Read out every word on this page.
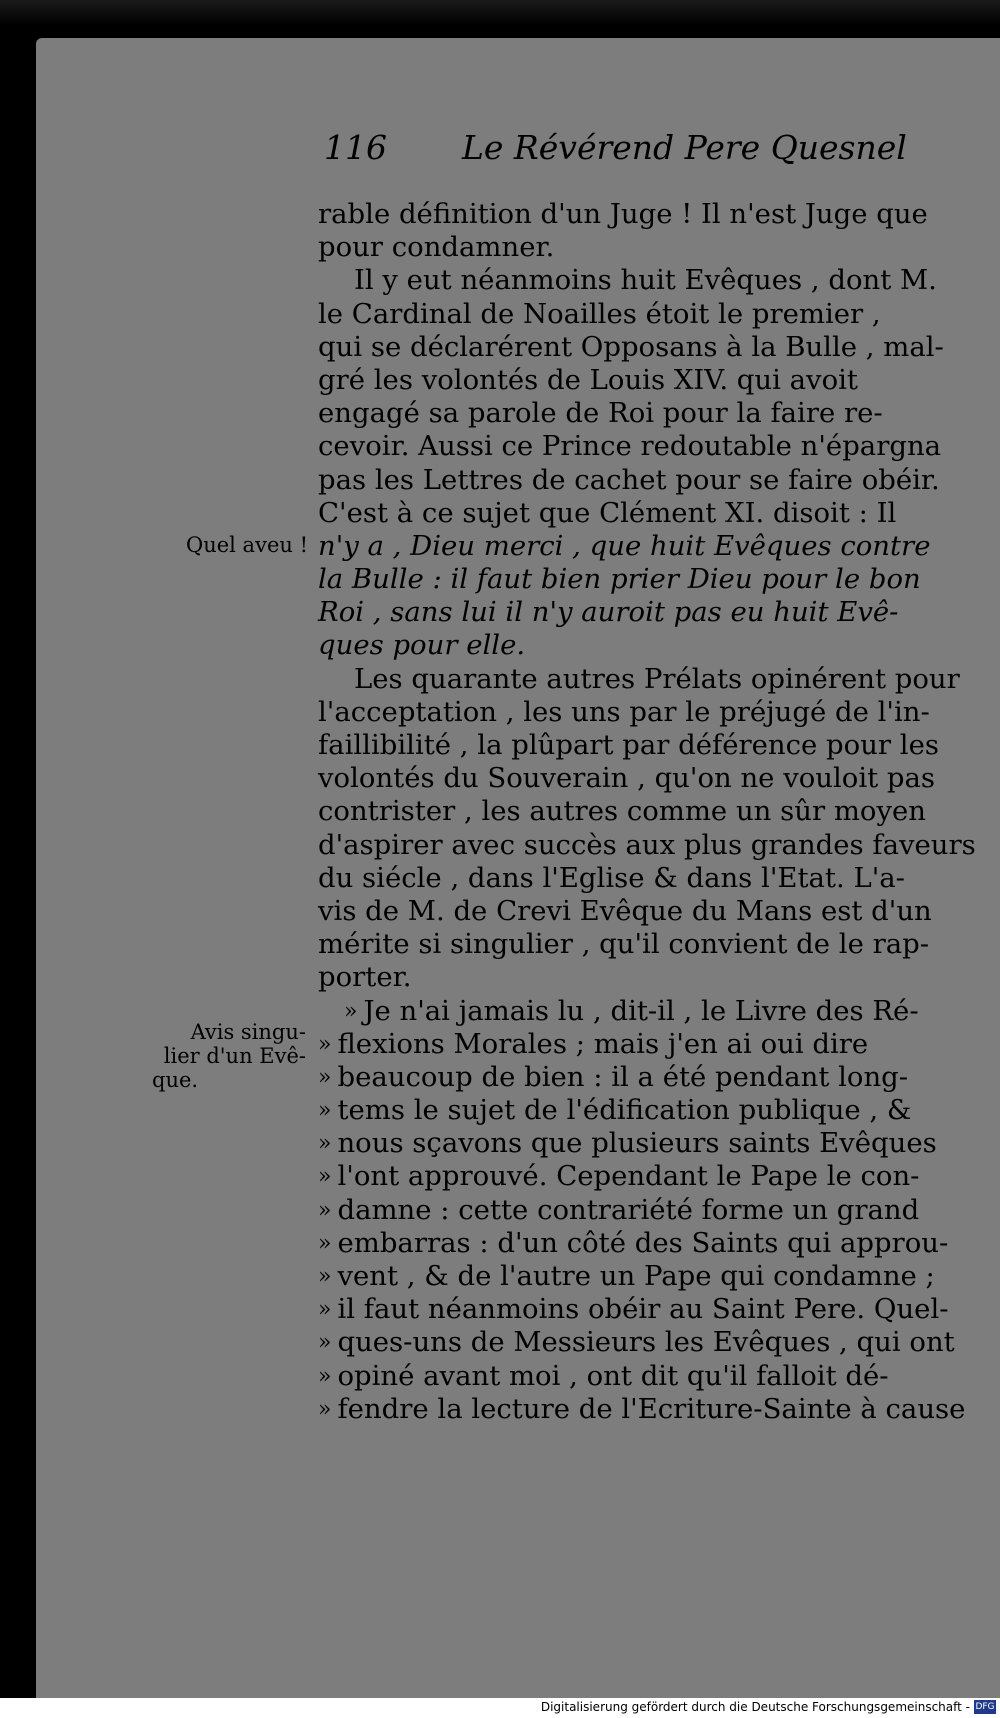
116 Le Révérend Pere Quesnel
Quel aveu !
Avis singu-
lier d'un Evê-
que.
rable définition d'un Juge ! Il n'est Juge que
pour condamner.
Il y eut néanmoins huit Evêques , dont M.
le Cardinal de Noailles étoit le premier ,
qui se déclarérent Opposans à la Bulle , mal-
gré les volontés de Louis XIV. qui avoit
engagé sa parole de Roi pour la faire re-
cevoir. Aussi ce Prince redoutable n'épargna
pas les Lettres de cachet pour se faire obéir.
C'est à ce sujet que Clément XI. disoit : Il
n'y a , Dieu merci , que huit Evêques contre
la Bulle : il faut bien prier Dieu pour le bon
Roi , sans lui il n'y auroit pas eu huit Evê-
ques pour elle.
Les quarante autres Prélats opinérent pour
l'acceptation , les uns par le préjugé de l'in-
faillibilité , la plûpart par déférence pour les
volontés du Souverain , qu'on ne vouloit pas
contrister , les autres comme un sûr moyen
d'aspirer avec succès aux plus grandes faveurs
du siécle , dans l'Eglise & dans l'Etat. L'a-
vis de M. de Crevi Evêque du Mans est d'un
mérite si singulier , qu'il convient de le rap-
porter.
» Je n'ai jamais lu , dit-il , le Livre des Ré-
» flexions Morales ; mais j'en ai oui dire
» beaucoup de bien : il a été pendant long-
» tems le sujet de l'édification publique , &
» nous sçavons que plusieurs saints Evêques
» l'ont approuvé. Cependant le Pape le con-
» damne : cette contrariété forme un grand
» embarras : d'un côté des Saints qui approu-
» vent , & de l'autre un Pape qui condamne ;
» il faut néanmoins obéir au Saint Pere. Quel-
» ques-uns de Messieurs les Evêques , qui ont
» opiné avant moi , ont dit qu'il falloit dé-
» fendre la lecture de l'Ecriture-Sainte à cause
Digitalisierung gefördert durch die Deutsche Forschungsgemeinschaft - DFG
